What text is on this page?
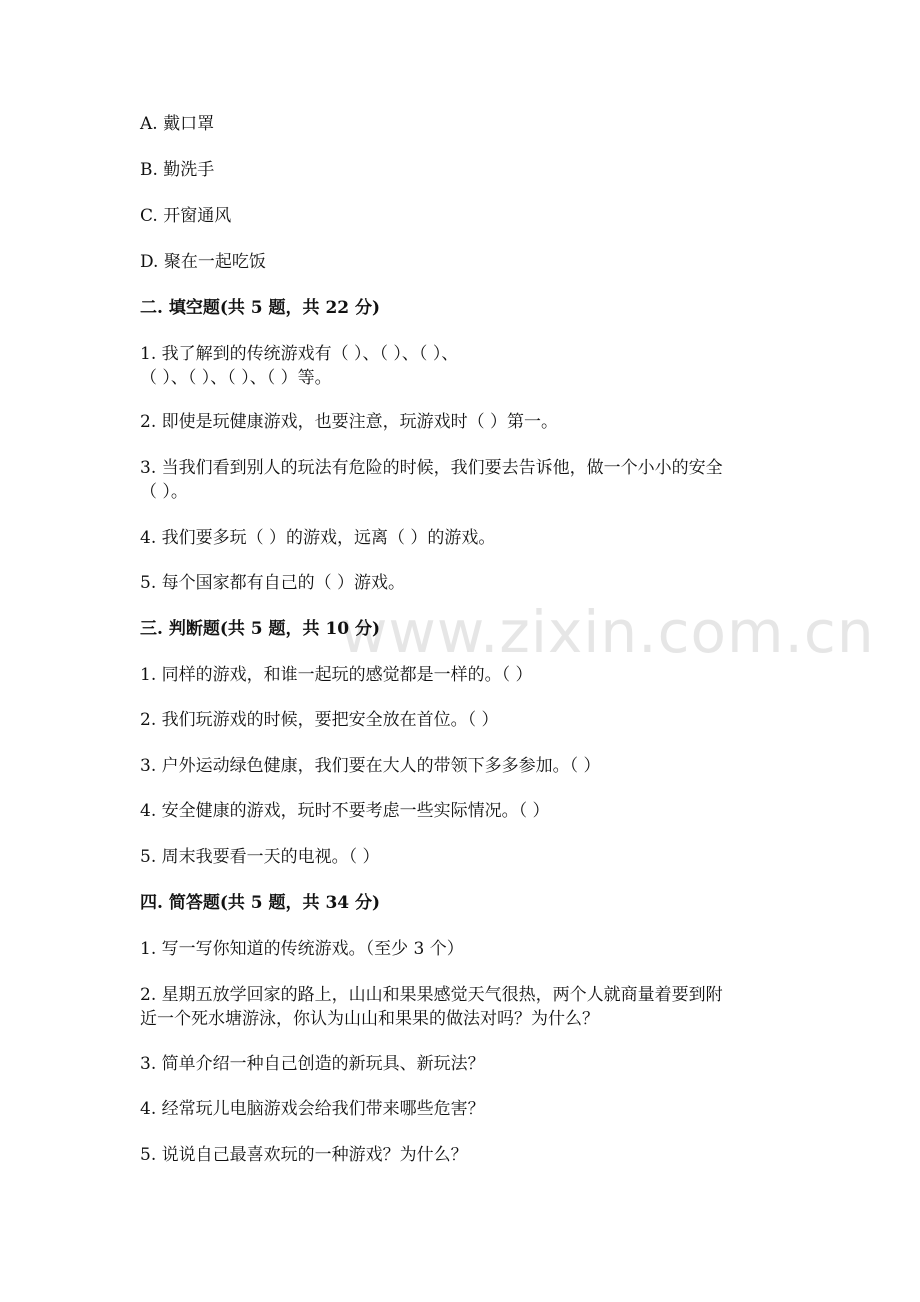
www.zixin.com.cn
A. 戴口罩
B. 勤洗手
C. 开窗通风
D. 聚在一起吃饭
二. 填空题(共 5 题，共 22 分)
1. 我了解到的传统游戏有（ ）、（ ）、（ ）、
（ ）、（ ）、（ ）、（ ）等。
2. 即使是玩健康游戏，也要注意，玩游戏时（ ）第一。
3. 当我们看到别人的玩法有危险的时候，我们要去告诉他，做一个小小的安全
（ ）。
4. 我们要多玩（ ）的游戏，远离（ ）的游戏。
5. 每个国家都有自己的（ ）游戏。
三. 判断题(共 5 题，共 10 分)
1. 同样的游戏，和谁一起玩的感觉都是一样的。（ ）
2. 我们玩游戏的时候，要把安全放在首位。（ ）
3. 户外运动绿色健康，我们要在大人的带领下多多参加。（ ）
4. 安全健康的游戏，玩时不要考虑一些实际情况。（ ）
5. 周末我要看一天的电视。（ ）
四. 简答题(共 5 题，共 34 分)
1. 写一写你知道的传统游戏。（至少 3 个）
2. 星期五放学回家的路上，山山和果果感觉天气很热，两个人就商量着要到附
近一个死水塘游泳，你认为山山和果果的做法对吗？为什么？
3. 简单介绍一种自己创造的新玩具、新玩法？
4. 经常玩儿电脑游戏会给我们带来哪些危害？
5. 说说自己最喜欢玩的一种游戏？为什么？
